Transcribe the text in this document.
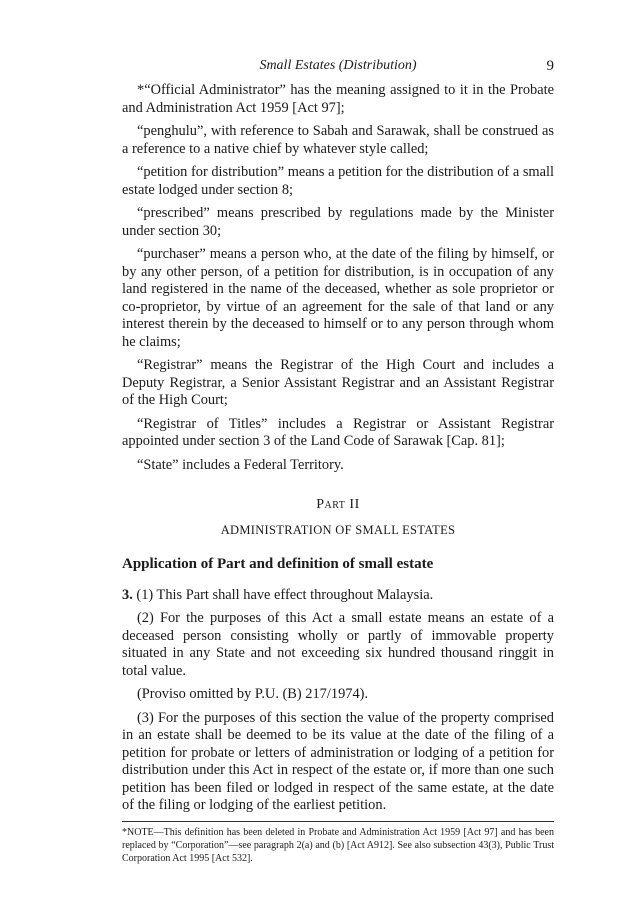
Small Estates (Distribution)	9

*“Official Administrator” has the meaning assigned to it in the Probate and Administration Act 1959 [Act 97];

“penghulu”, with reference to Sabah and Sarawak, shall be construed as a reference to a native chief by whatever style called;

“petition for distribution” means a petition for the distribution of a small estate lodged under section 8;

“prescribed” means prescribed by regulations made by the Minister under section 30;

“purchaser” means a person who, at the date of the filing by himself, or by any other person, of a petition for distribution, is in occupation of any land registered in the name of the deceased, whether as sole proprietor or co-proprietor, by virtue of an agreement for the sale of that land or any interest therein by the deceased to himself or to any person through whom he claims;

“Registrar” means the Registrar of the High Court and includes a Deputy Registrar, a Senior Assistant Registrar and an Assistant Registrar of the High Court;

“Registrar of Titles” includes a Registrar or Assistant Registrar appointed under section 3 of the Land Code of Sarawak [Cap. 81];

“State” includes a Federal Territory.

Part II

ADMINISTRATION OF SMALL ESTATES

Application of Part and definition of small estate

3. (1) This Part shall have effect throughout Malaysia.

(2) For the purposes of this Act a small estate means an estate of a deceased person consisting wholly or partly of immovable property situated in any State and not exceeding six hundred thousand ringgit in total value.

(Proviso omitted by P.U. (B) 217/1974).

(3) For the purposes of this section the value of the property comprised in an estate shall be deemed to be its value at the date of the filing of a petition for probate or letters of administration or lodging of a petition for distribution under this Act in respect of the estate or, if more than one such petition has been filed or lodged in respect of the same estate, at the date of the filing or lodging of the earliest petition.

*NOTE—This definition has been deleted in Probate and Administration Act 1959 [Act 97] and has been replaced by “Corporation”—see paragraph 2(a) and (b) [Act A912]. See also subsection 43(3), Public Trust Corporation Act 1995 [Act 532].
